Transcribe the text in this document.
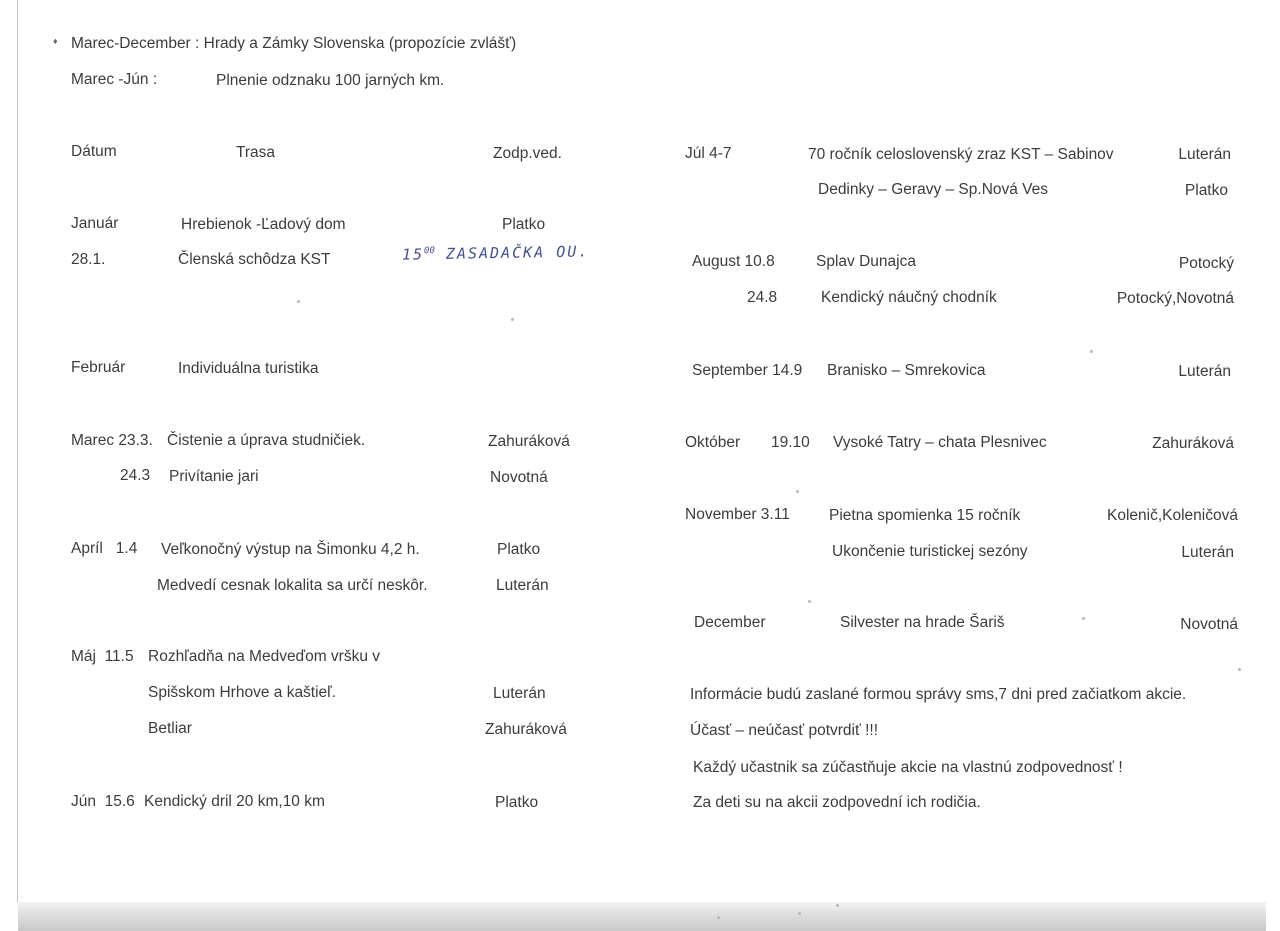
♦ Marec-December : Hrady a Zámky Slovenska (propozície zvlášť)
Marec -Jún :	Plnenie odznaku 100 jarných km.
Dátum	Trasa	Zodp.ved.
Január	Hrebienok -Ľadový dom	Platko
28.1.	Členská schôdza KST	$15^{00}$ ZASADAČKA OU.
Február	Individuálna turistika
Marec 23.3. Čistenie a úprava studničiek.	Zahuráková
24.3 Privítanie jari	Novotná
Apríl   1.4 Veľkonočný výstup na Šimonku 4,2 h.	Platko
Medvedí cesnak lokalita sa určí neskôr.	Luterán
Máj  11.5 Rozhľadňa na Medveďom vršku v
Spišskom Hrhove a kaštieľ.	Luterán
Betliar	Zahuráková
Jún  15.6 Kendický dril 20 km,10 km	Platko
Júl 4-7	70 ročník celoslovenský zraz KST – Sabinov	Luterán
Dedinky – Geravy – Sp.Nová Ves	Platko
August 10.8	Splav Dunajca	Potocký
24.8	Kendický náučný chodník	Potocký,Novotná
September 14.9 Branisko – Smrekovica	Luterán
Október 19.10 Vysoké Tatry – chata Plesnivec	Zahuráková
November 3.11	Pietna spomienka 15 ročník	Kolenič,Koleničová
Ukončenie turistickej sezóny	Luterán
December	Silvester na hrade Šariš	Novotná
Informácie budú zaslané formou správy sms,7 dni pred začiatkom akcie.
Účasť – neúčasť potvrdiť !!!
Každý učastnik sa zúčastňuje akcie na vlastnú zodpovednosť !
Za deti su na akcii zodpovední ich rodičia.
